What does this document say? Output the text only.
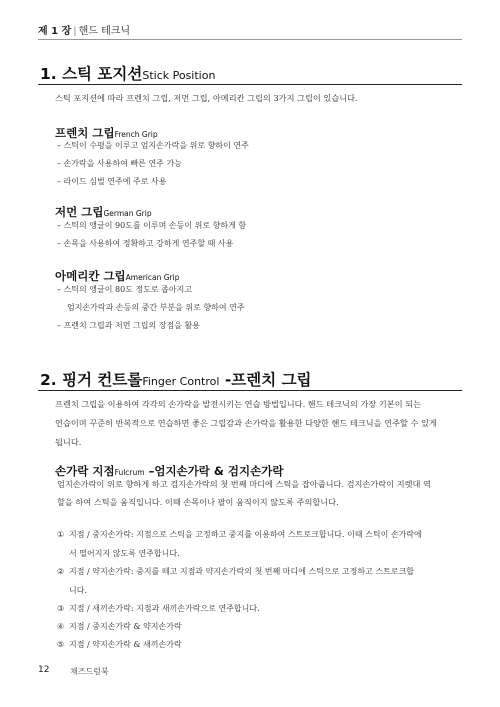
제 1 장 | 핸드 테크닉
1. 스틱 포지션Stick Position
스틱 포지션에 따라 프렌치 그립, 저먼 그립, 아메리칸 그립의 3가지 그립이 있습니다.
프렌치 그립French Grip
– 스틱이 수평을 이루고 엄지손가락을 위로 향하이 연주
– 손가락을 사용하여 빠른 연주 가능
– 라이드 심벌 연주에 주로 사용
저먼 그립German Grip
– 스틱의 앵글이 90도를 이루며 손등이 위로 향하게 함
– 손목을 사용하여 정확하고 강하게 연주할 때 사용
아메리칸 그립American Grip
– 스틱의 앵글이 80도 정도로 좁아지고
엄지손가락과 손등의 중간 부분을 위로 향하여 연주
– 프렌치 그립과 저먼 그립의 장점을 활용
2. 핑거 컨트롤Finger Control -프렌치 그립
프렌치 그립을 이용하여 각각의 손가락을 발전시키는 연습 방법입니다. 핸드 테크닉의 가장 기본이 되는
연습이며 꾸준히 반복적으로 연습하면 좋은 그립감과 손가락을 활용한 다양한 핸드 테크닉을 연주할 수 있게
됩니다.
손가락 지점Fulcrum –엄지손가락 & 검지손가락
엄지손가락이 위로 향하게 하고 검지손가락의 첫 번째 마디에 스틱을 잡아줍니다. 검지손가락이 지렛대 역
할을 하여 스틱을 움직입니다. 이때 손목이나 팔이 움직이지 않도록 주의합니다.
① 지점 / 중지손가락: 지점으로 스틱을 고정하고 중지를 이용하여 스트로크합니다. 이때 스틱이 손가락에
서 떨어지지 않도록 연주합니다.
② 지점 / 약지손가락: 중지를 떼고 지점과 약지손가락의 첫 번째 마디에 스틱으로 고정하고 스트로크합
니다.
③ 지점 / 새끼손가락: 지점과 새끼손가락으로 연주합니다.
④ 지점 / 중지손가락 & 약지손가락
⑤ 지점 / 약지손가락 & 새끼손가락
12	채즈드럼북
